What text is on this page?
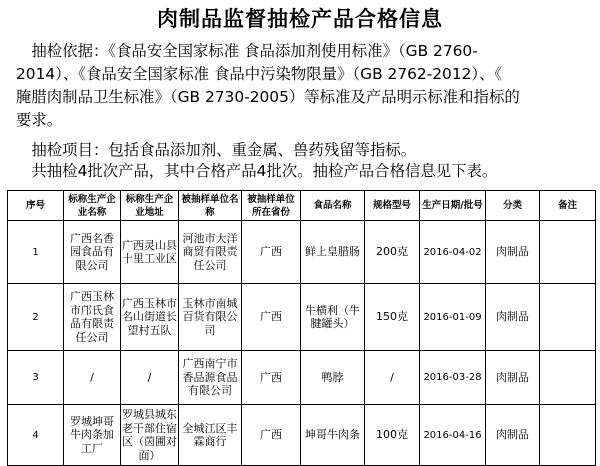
肉制品监督抽检产品合格信息
　抽检依据：《食品安全国家标准 食品添加剂使用标准》（GB 2760-
2014）、《食品安全国家标准 食品中污染物限量》（GB 2762-2012）、《
腌腊肉制品卫生标准》（GB 2730-2005）等标准及产品明示标准和指标的
要求。
　抽检项目：包括食品添加剂、重金属、兽药残留等指标。
　共抽检4批次产品，其中合格产品4批次。抽检产品合格信息见下表。
序号	标称生产企业名称	标称生产企业地址	被抽样单位名称	被抽样单位所在省份	食品名称	规格型号	生产日期/批号	分类	备注
1	广西名香园食品有限公司	广西灵山县十里工业区	河池市大洋商贸有限责任公司	广西	鲜上皇腊肠	200克	2016-04-02	肉制品	
2	广西玉林市邝氏食品有限责任公司	广西玉林市名山街道长望村五队	玉林市南城百货有限公司	广西	牛横利（牛腱罐头）	150克	2016-01-09	肉制品	
3	/	/	广西南宁市香品源食品有限公司	广西	鸭脖	/	2016-03-28	肉制品	
4	罗城坤哥牛肉条加工厂	罗城县城东老干部住宿区（茵圃对面）	全城江区丰霖商行	广西	坤哥牛肉条	100克	2016-04-16	肉制品	
